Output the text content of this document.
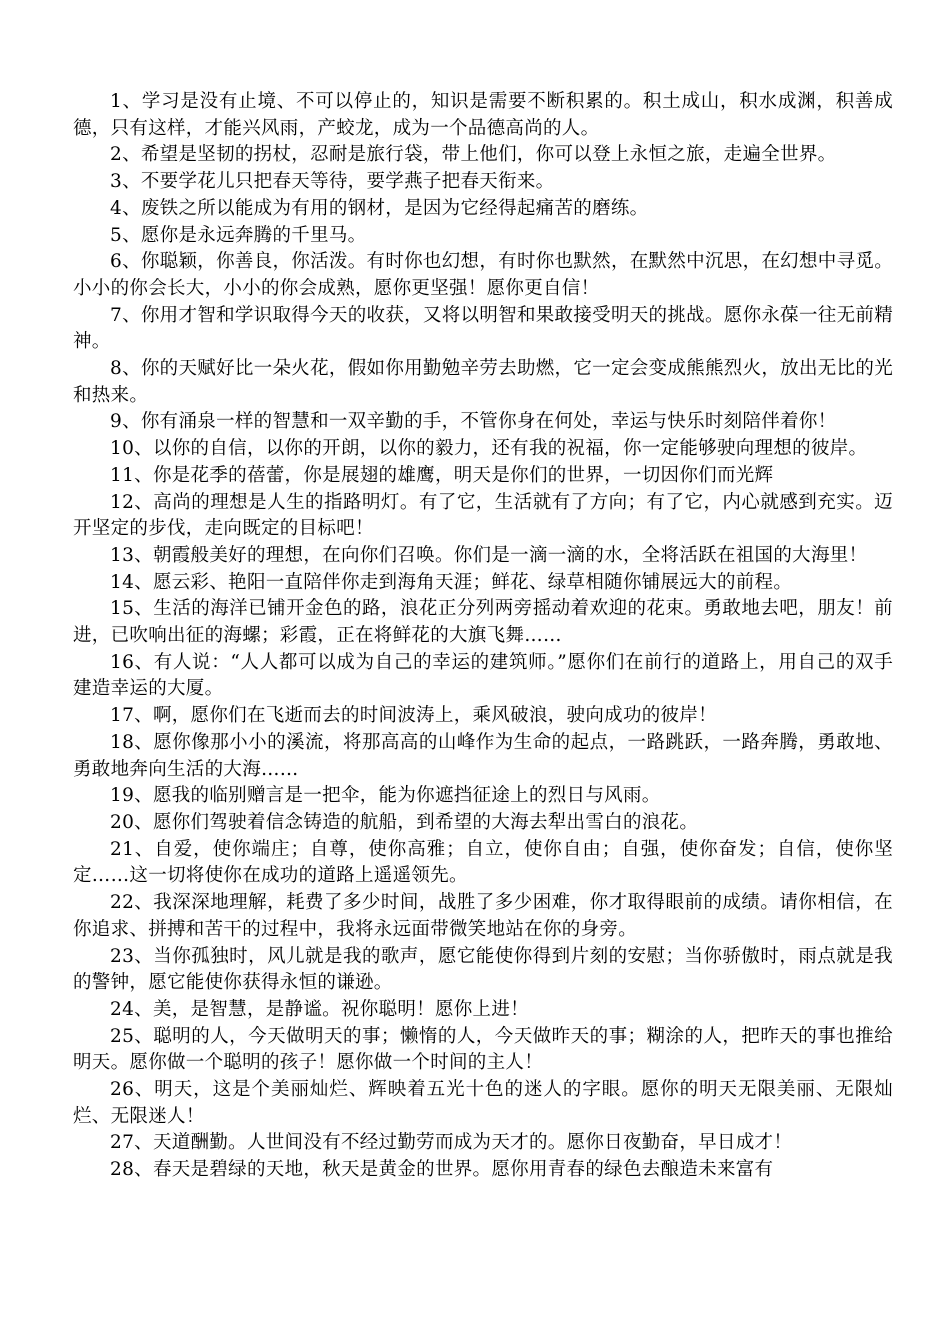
1、学习是没有止境、不可以停止的，知识是需要不断积累的。积土成山，积水成渊，积善成德，只有这样，才能兴风雨，产蛟龙，成为一个品德高尚的人。

2、希望是坚韧的拐杖，忍耐是旅行袋，带上他们，你可以登上永恒之旅，走遍全世界。

3、不要学花儿只把春天等待，要学燕子把春天衔来。

4、废铁之所以能成为有用的钢材，是因为它经得起痛苦的磨练。

5、愿你是永远奔腾的千里马。

6、你聪颖，你善良，你活泼。有时你也幻想，有时你也默然，在默然中沉思，在幻想中寻觅。小小的你会长大，小小的你会成熟，愿你更坚强！愿你更自信！

7、你用才智和学识取得今天的收获，又将以明智和果敢接受明天的挑战。愿你永葆一往无前精神。

8、你的天赋好比一朵火花，假如你用勤勉辛劳去助燃，它一定会变成熊熊烈火，放出无比的光和热来。

9、你有涌泉一样的智慧和一双辛勤的手，不管你身在何处，幸运与快乐时刻陪伴着你！

10、以你的自信，以你的开朗，以你的毅力，还有我的祝福，你一定能够驶向理想的彼岸。

11、你是花季的蓓蕾，你是展翅的雄鹰，明天是你们的世界，一切因你们而光辉

12、高尚的理想是人生的指路明灯。有了它，生活就有了方向；有了它，内心就感到充实。迈开坚定的步伐，走向既定的目标吧！

13、朝霞般美好的理想，在向你们召唤。你们是一滴一滴的水，全将活跃在祖国的大海里！

14、愿云彩、艳阳一直陪伴你走到海角天涯；鲜花、绿草相随你铺展远大的前程。

15、生活的海洋已铺开金色的路，浪花正分列两旁摇动着欢迎的花束。勇敢地去吧，朋友！前进，已吹响出征的海螺；彩霞，正在将鲜花的大旗飞舞……

16、有人说：“人人都可以成为自己的幸运的建筑师。”愿你们在前行的道路上，用自己的双手建造幸运的大厦。

17、啊，愿你们在飞逝而去的时间波涛上，乘风破浪，驶向成功的彼岸！

18、愿你像那小小的溪流，将那高高的山峰作为生命的起点，一路跳跃，一路奔腾，勇敢地、勇敢地奔向生活的大海……

19、愿我的临别赠言是一把伞，能为你遮挡征途上的烈日与风雨。

20、愿你们驾驶着信念铸造的航船，到希望的大海去犁出雪白的浪花。

21、自爱，使你端庄；自尊，使你高雅；自立，使你自由；自强，使你奋发；自信，使你坚定……这一切将使你在成功的道路上遥遥领先。

22、我深深地理解，耗费了多少时间，战胜了多少困难，你才取得眼前的成绩。请你相信，在你追求、拼搏和苦干的过程中，我将永远面带微笑地站在你的身旁。

23、当你孤独时，风儿就是我的歌声，愿它能使你得到片刻的安慰；当你骄傲时，雨点就是我的警钟，愿它能使你获得永恒的谦逊。

24、美，是智慧，是静谧。祝你聪明！愿你上进！

25、聪明的人，今天做明天的事；懒惰的人，今天做昨天的事；糊涂的人，把昨天的事也推给明天。愿你做一个聪明的孩子！愿你做一个时间的主人！

26、明天，这是个美丽灿烂、辉映着五光十色的迷人的字眼。愿你的明天无限美丽、无限灿烂、无限迷人！

27、天道酬勤。人世间没有不经过勤劳而成为天才的。愿你日夜勤奋，早日成才！

28、春天是碧绿的天地，秋天是黄金的世界。愿你用青春的绿色去酿造未来富有
